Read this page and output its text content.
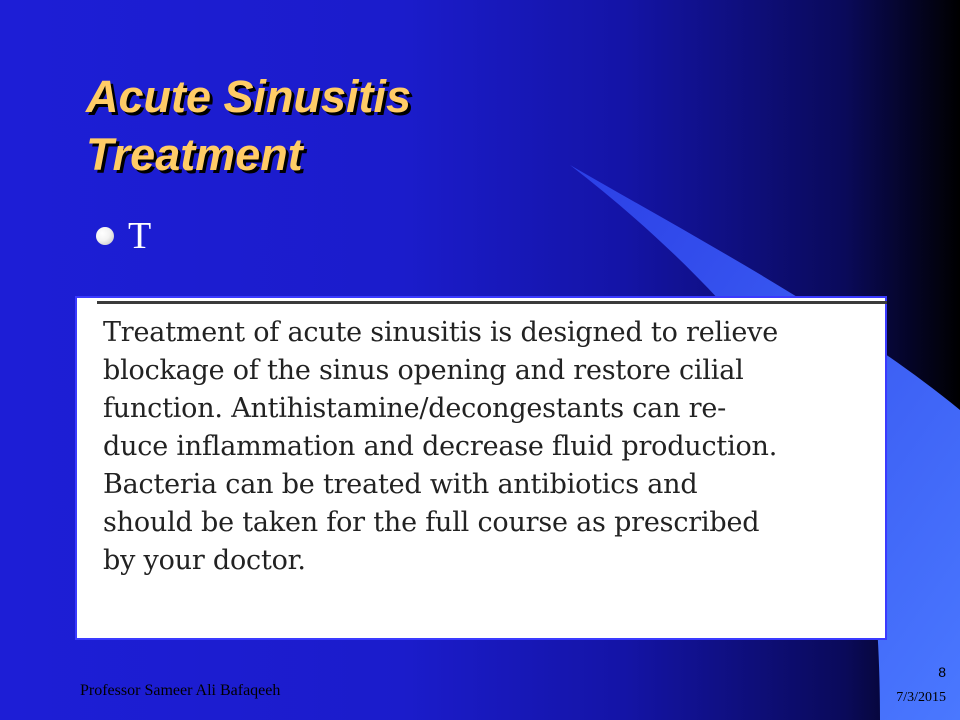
Acute Sinusitis
Treatment
T

Treatment of acute sinusitis is designed to relieve
blockage of the sinus opening and restore cilial
function. Antihistamine/decongestants can re-
duce inflammation and decrease fluid production.
Bacteria can be treated with antibiotics and
should be taken for the full course as prescribed
by your doctor.

Professor Sameer Ali Bafaqeeh
8
7/3/2015
